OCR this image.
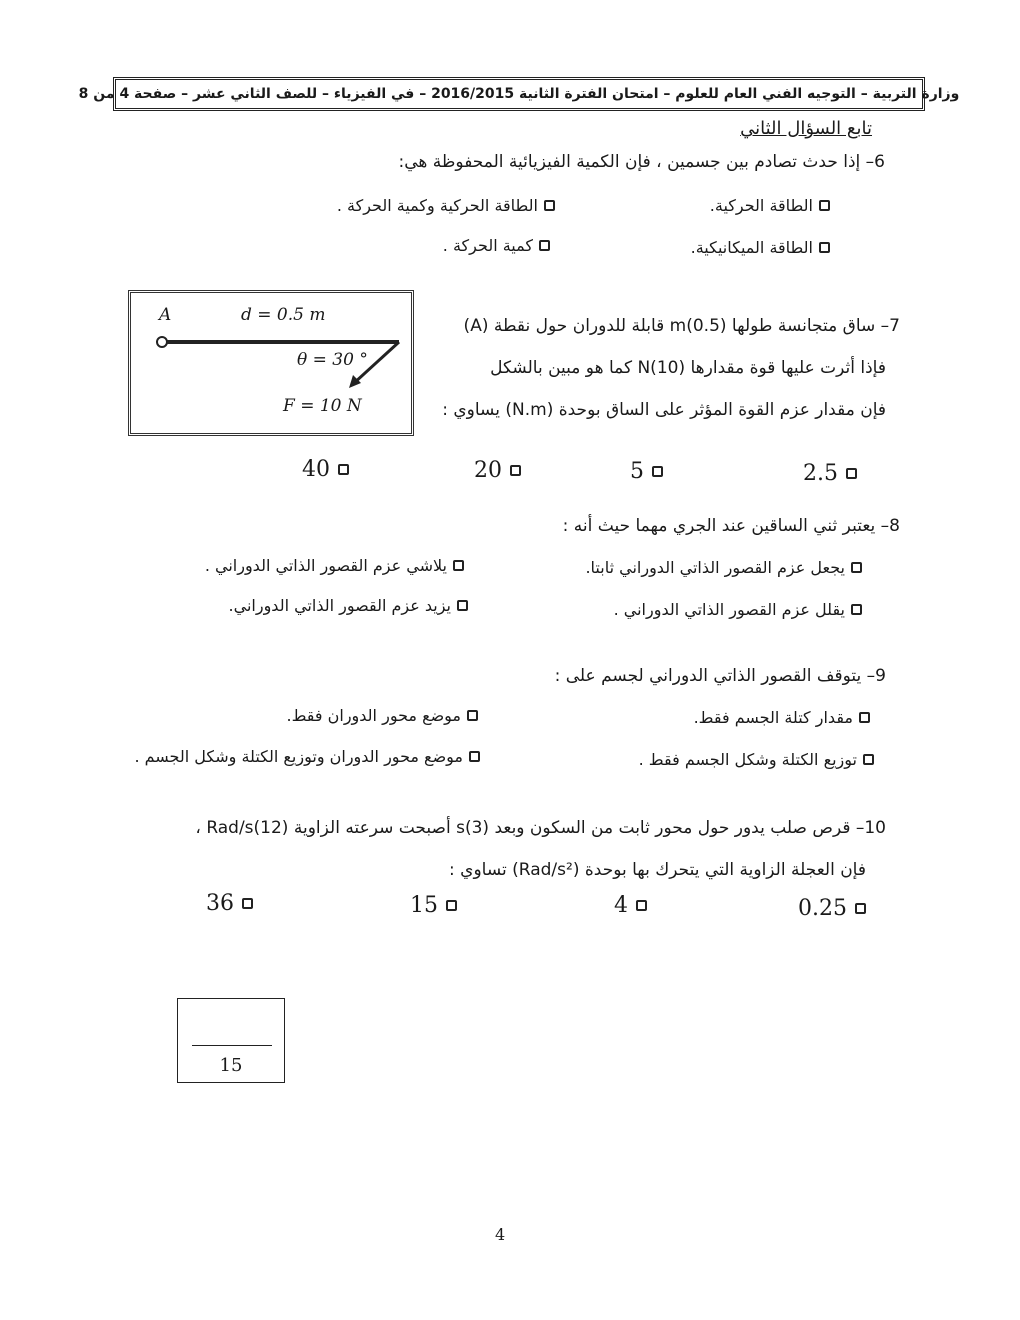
وزارة التربية – التوجيه الفني العام للعلوم – امتحان الفترة الثانية 2016/2015 – في الفيزياء – للصف الثاني عشر – صفحة 4 من 8
تابع السؤال الثاني
6– إذا حدث تصادم بين جسمين ، فإن الكمية الفيزيائية المحفوظة هي:
الطاقة الحركية.
الطاقة الحركية وكمية الحركة .
الطاقة الميكانيكية.
كمية الحركة .
A	d = 0.5 m
θ = 30 °
F = 10 N
7– ساق متجانسة طولها m(0.5) قابلة للدوران حول نقطة (A)
فإذا أثرت عليها قوة مقدارها N(10) كما هو مبين بالشكل
فإن مقدار عزم القوة المؤثر على الساق بوحدة (N.m) يساوي :
2.5
5
20
40
8– يعتبر ثني الساقين عند الجري مهما حيث أنه :
يجعل عزم القصور الذاتي الدوراني ثابتا.
يلاشي عزم القصور الذاتي الدوراني .
يقلل عزم القصور الذاتي الدوراني .
يزيد عزم القصور الذاتي الدوراني.
9– يتوقف القصور الذاتي الدوراني لجسم على :
مقدار كتلة الجسم فقط.
موضع محور الدوران فقط.
توزيع الكتلة وشكل الجسم فقط .
موضع محور الدوران وتوزيع الكتلة وشكل الجسم .
10– قرص صلب يدور حول محور ثابت من السكون وبعد s(3) أصبحت سرعته الزاوية Rad/s(12) ،
فإن العجلة الزاوية التي يتحرك بها بوحدة (Rad/s²) تساوي :
0.25
4
15
36
15
4
